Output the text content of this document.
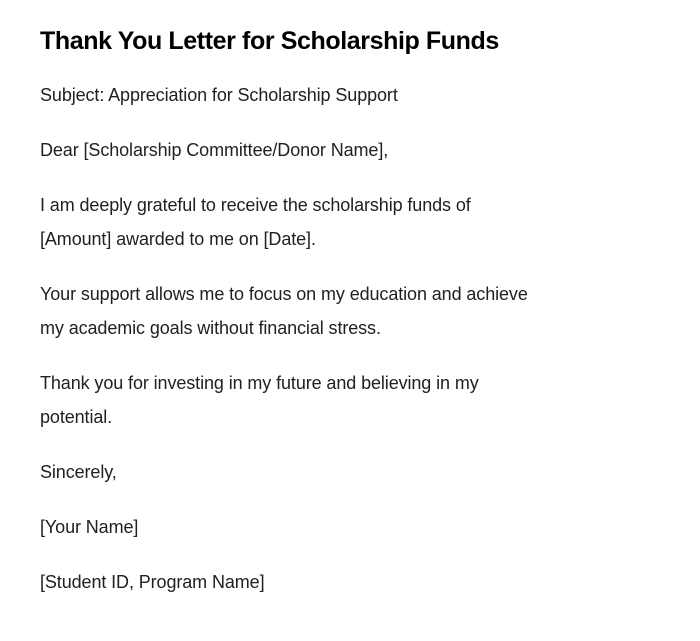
Thank You Letter for Scholarship Funds

Subject: Appreciation for Scholarship Support

Dear [Scholarship Committee/Donor Name],

I am deeply grateful to receive the scholarship funds of
[Amount] awarded to me on [Date].

Your support allows me to focus on my education and achieve
my academic goals without financial stress.

Thank you for investing in my future and believing in my
potential.

Sincerely,

[Your Name]

[Student ID, Program Name]
